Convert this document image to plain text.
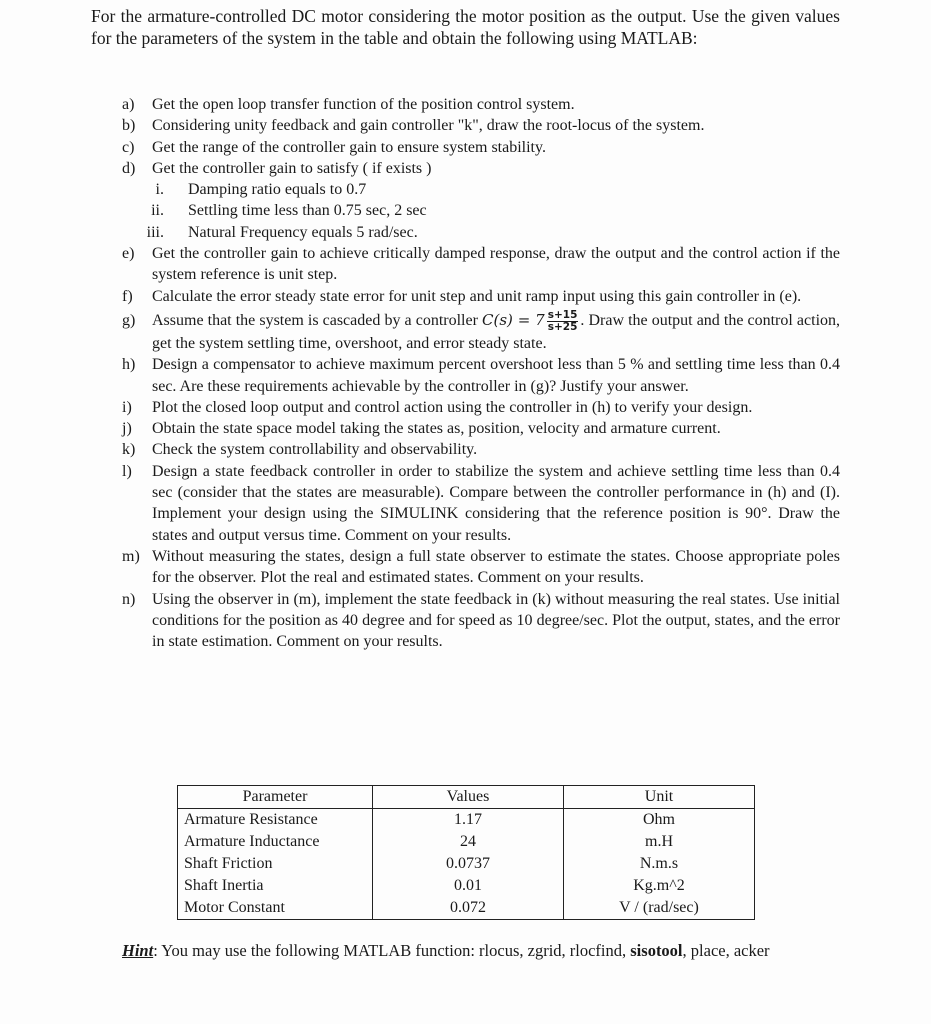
For the armature-controlled DC motor considering the motor position as the output. Use the given values for the parameters of the system in the table and obtain the following using MATLAB:

a) Get the open loop transfer function of the position control system.
b) Considering unity feedback and gain controller "k", draw the root-locus of the system.
c) Get the range of the controller gain to ensure system stability.
d) Get the controller gain to satisfy ( if exists )
i. Damping ratio equals to 0.7
ii. Settling time less than 0.75 sec, 2 sec
iii. Natural Frequency equals 5 rad/sec.
e) Get the controller gain to achieve critically damped response, draw the output and the control action if the system reference is unit step.
f) Calculate the error steady state error for unit step and unit ramp input using this gain controller in (e).
g) Assume that the system is cascaded by a controller $C(s) = 7 \frac{s+15}{s+25}$ . Draw the output and the control action, get the system settling time, overshoot, and error steady state.
h) Design a compensator to achieve maximum percent overshoot less than 5 % and settling time less than 0.4 sec. Are these requirements achievable by the controller in (g)? Justify your answer.
i) Plot the closed loop output and control action using the controller in (h) to verify your design.
j) Obtain the state space model taking the states as, position, velocity and armature current.
k) Check the system controllability and observability.
l) Design a state feedback controller in order to stabilize the system and achieve settling time less than 0.4 sec (consider that the states are measurable). Compare between the controller performance in (h) and (I). Implement your design using the SIMULINK considering that the reference position is 90°. Draw the states and output versus time. Comment on your results.
m) Without measuring the states, design a full state observer to estimate the states. Choose appropriate poles for the observer. Plot the real and estimated states. Comment on your results.
n) Using the observer in (m), implement the state feedback in (k) without measuring the real states. Use initial conditions for the position as 40 degree and for speed as 10 degree/sec. Plot the output, states, and the error in state estimation. Comment on your results.
Parameter	Values	Unit
Armature Resistance	1.17	Ohm
Armature Inductance	24	m.H
Shaft Friction	0.0737	N.m.s
Shaft Inertia	0.01	Kg.m^2
Motor Constant	0.072	V / (rad/sec)
Hint: You may use the following MATLAB function: rlocus, zgrid, rlocfind, sisotool, place, acker
